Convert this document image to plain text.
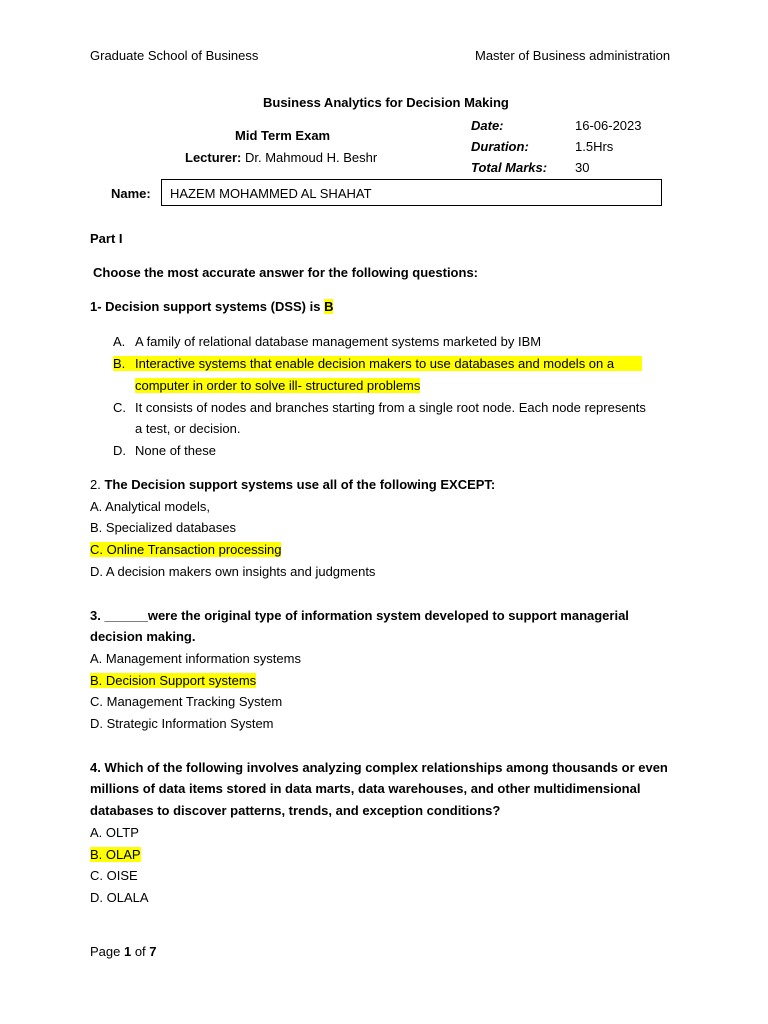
Graduate School of Business	Master of Business administration
Business Analytics for Decision Making
Mid Term Exam
Lecturer: Dr. Mahmoud H. Beshr
Date:	16-06-2023
Duration:	1.5Hrs
Total Marks: 30
Name: HAZEM MOHAMMED AL SHAHAT
Part I
Choose the most accurate answer for the following questions:
1- Decision support systems (DSS) is B
A. A family of relational database management systems marketed by IBM
B. Interactive systems that enable decision makers to use databases and models on a
computer in order to solve ill- structured problems
C. It consists of nodes and branches starting from a single root node. Each node represents
a test, or decision.
D. None of these
2. The Decision support systems use all of the following EXCEPT:
A. Analytical models,
B. Specialized databases
C. Online Transaction processing
D. A decision makers own insights and judgments
3. ______were the original type of information system developed to support managerial
decision making.
A. Management information systems
B. Decision Support systems
C. Management Tracking System
D. Strategic Information System
4. Which of the following involves analyzing complex relationships among thousands or even
millions of data items stored in data marts, data warehouses, and other multidimensional
databases to discover patterns, trends, and exception conditions?
A. OLTP
B. OLAP
C. OISE
D. OLALA
Page 1 of 7
